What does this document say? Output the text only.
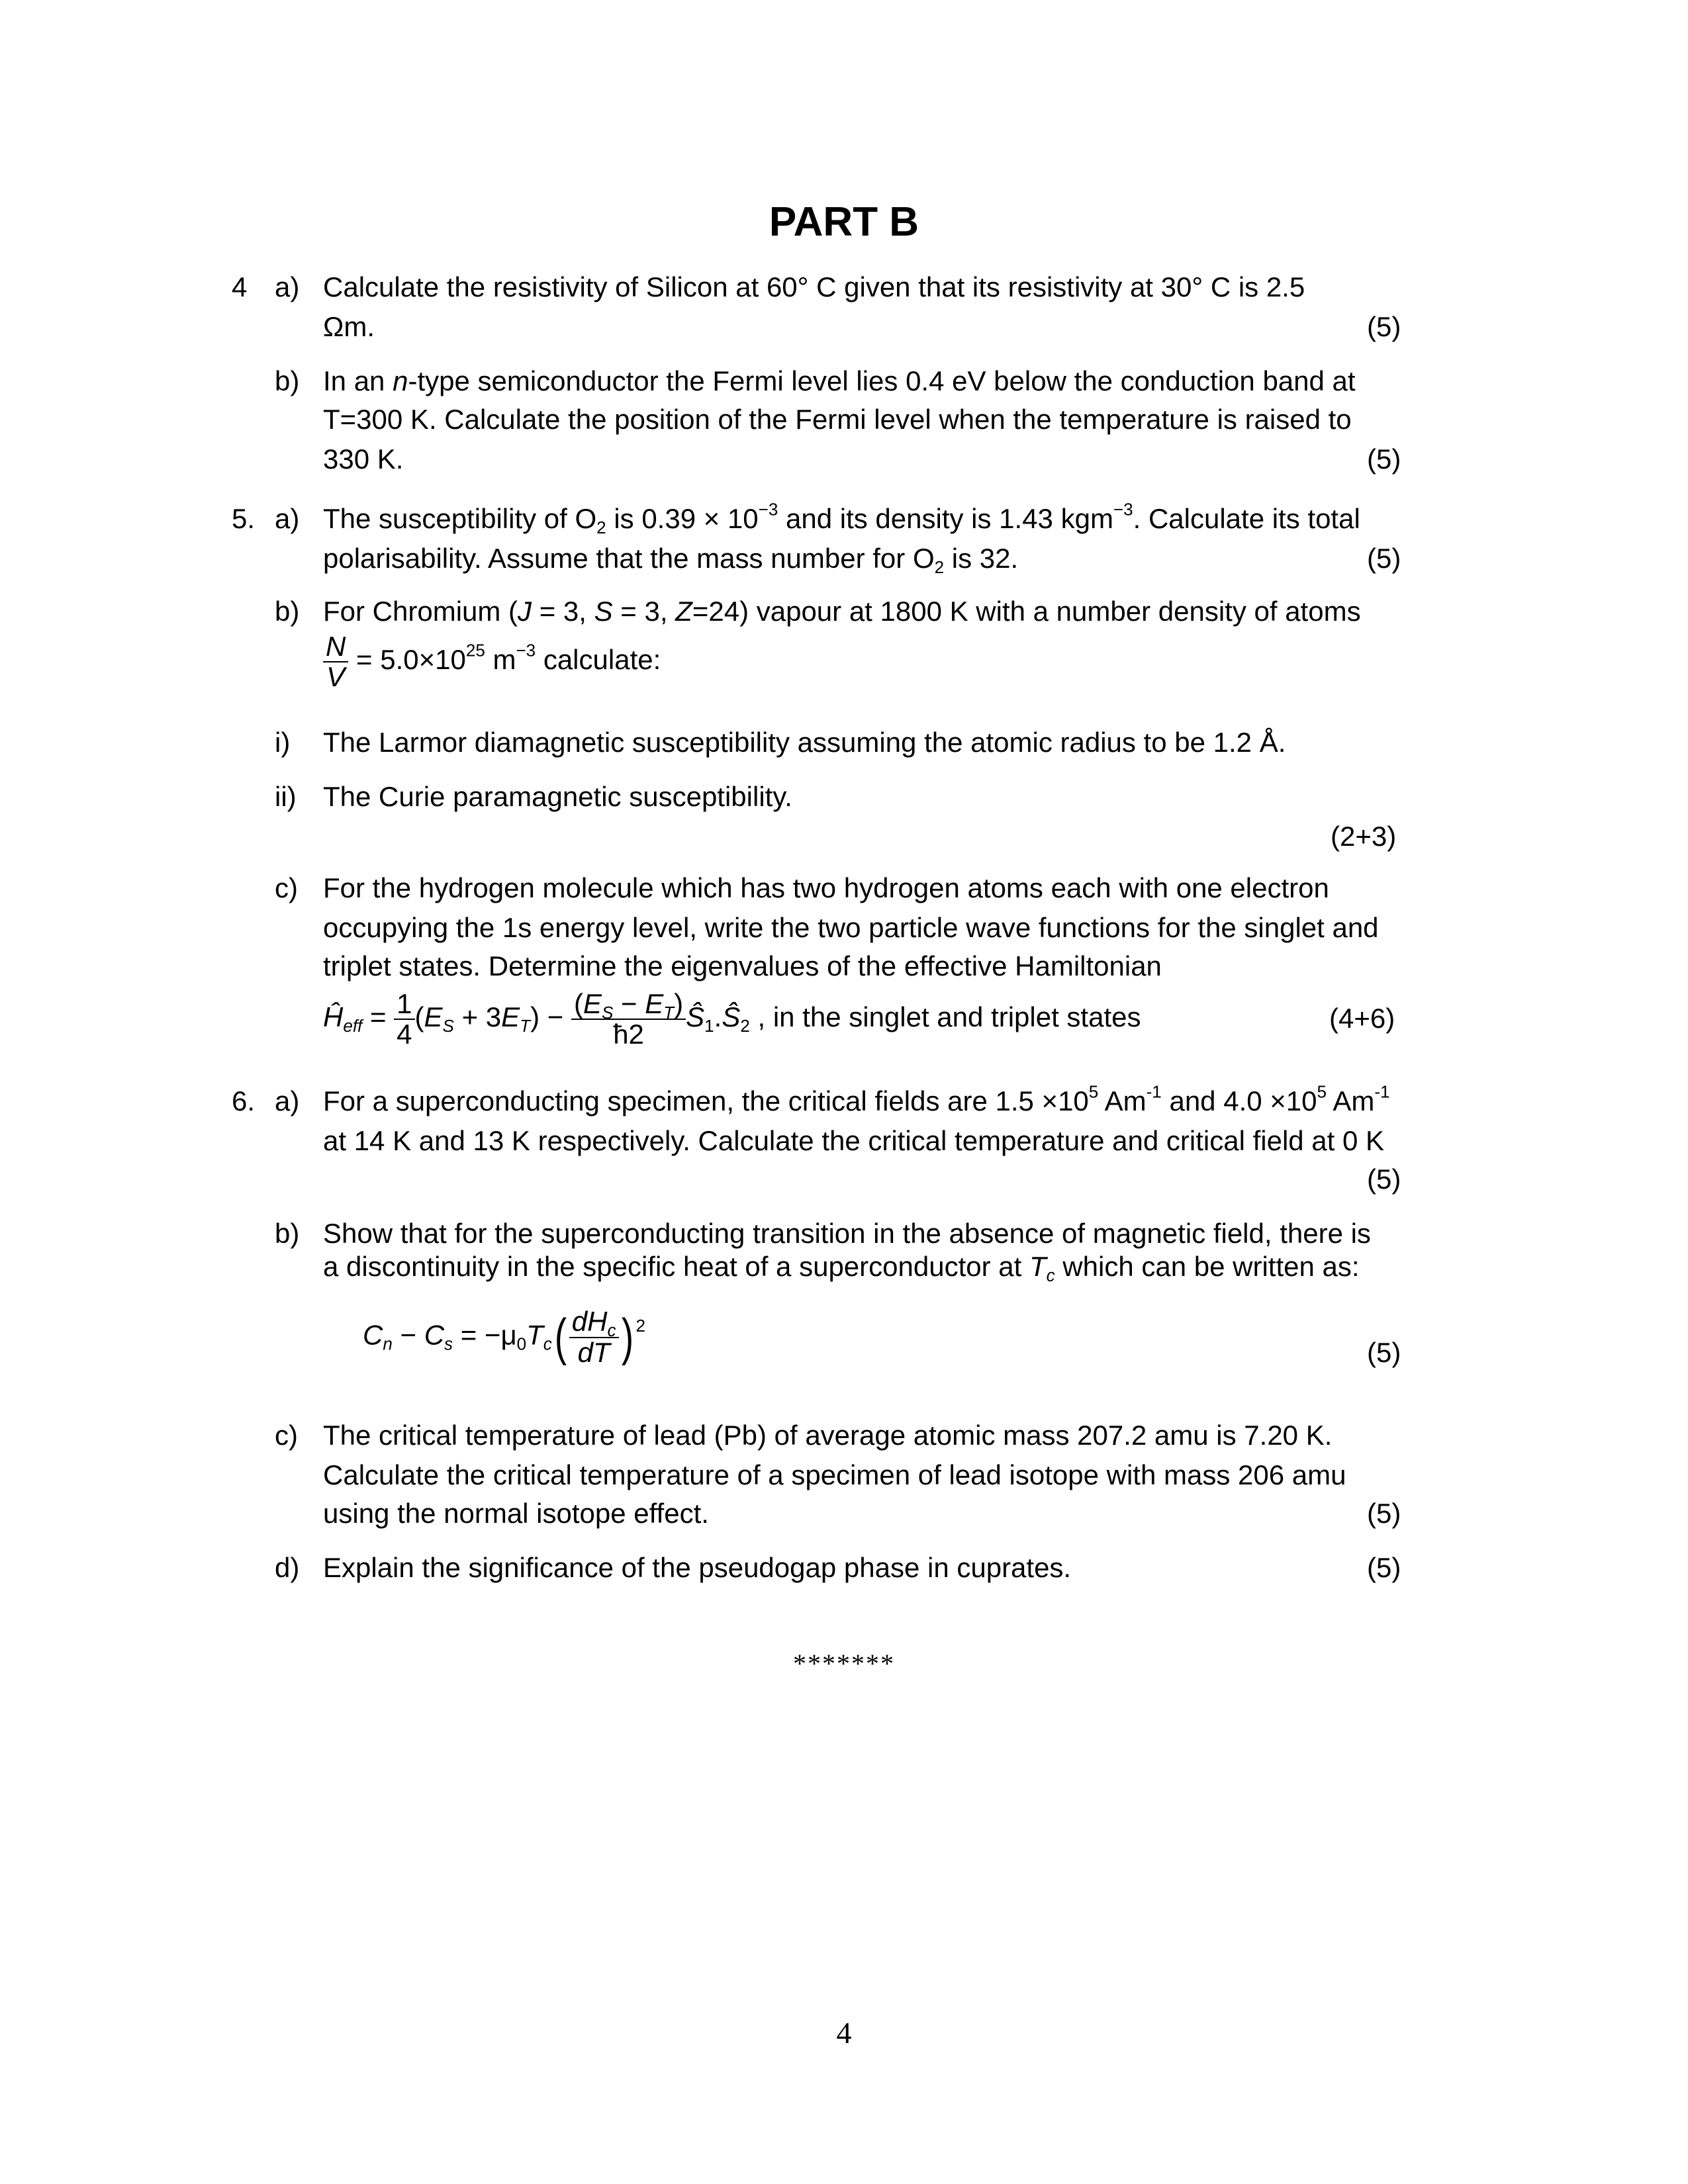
PART B
4 a) Calculate the resistivity of Silicon at 60° C given that its resistivity at 30° C is 2.5
Ωm.	(5)
b) In an n-type semiconductor the Fermi level lies 0.4 eV below the conduction band at
T=300 K. Calculate the position of the Fermi level when the temperature is raised to
330 K.	(5)
5. a) The susceptibility of $O_2$ is $0.39 \times 10^{-3}$ and its density is 1.43 kgm$^{-3}$. Calculate its total
polarisability. Assume that the mass number for $O_2$ is 32.	(5)
b) For Chromium (J = 3, S = 3, Z=24) vapour at 1800 K with a number density of atoms
$\frac{N}{V} = 5.0\times 10^{25}$ $m^{-3}$ calculate:
i) The Larmor diamagnetic susceptibility assuming the atomic radius to be 1.2 Å.
ii) The Curie paramagnetic susceptibility.
(2+3)
c) For the hydrogen molecule which has two hydrogen atoms each with one electron
occupying the 1s energy level, write the two particle wave functions for the singlet and
triplet states. Determine the eigenvalues of the effective Hamiltonian
$Ĥ_{eff} = \frac{1}{4} (E_S + 3E_T) - \frac{(E_S - E_T)}{ħ2}$ $Ŝ_1.Ŝ_2$ , in the singlet and triplet states	(4+6)
6. a) For a superconducting specimen, the critical fields are $1.5 \times 10^5$ $Am^{-1}$ and $4.0 \times 10^5$ $Am^{-1}$
at 14 K and 13 K respectively. Calculate the critical temperature and critical field at 0 K
(5)
b) Show that for the superconducting transition in the absence of magnetic field, there is
a discontinuity in the specific heat of a superconductor at $T_c$ which can be written as:
$C_n - C_s = -\mu_0T_c( \frac{dH_c}{dT}$ ) $^2$
(5)
c) The critical temperature of lead (Pb) of average atomic mass 207.2 amu is 7.20 K.
Calculate the critical temperature of a specimen of lead isotope with mass 206 amu
using the normal isotope effect.	(5)
d) Explain the significance of the pseudogap phase in cuprates.	(5)
*******
4
